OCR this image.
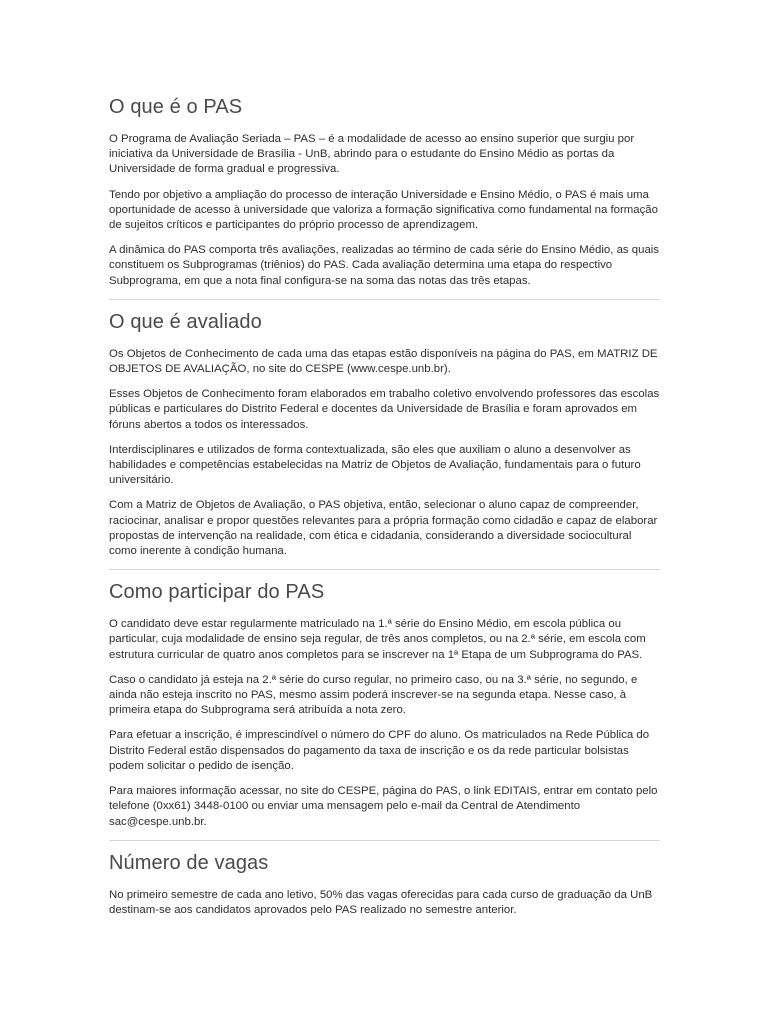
O que é o PAS

O Programa de Avaliação Seriada – PAS – é a modalidade de acesso ao ensino superior que surgiu por iniciativa da Universidade de Brasília - UnB, abrindo para o estudante do Ensino Médio as portas da Universidade de forma gradual e progressiva.

Tendo por objetivo a ampliação do processo de interação Universidade e Ensino Médio, o PAS é mais uma oportunidade de acesso à universidade que valoriza a formação significativa como fundamental na formação de sujeitos críticos e participantes do próprio processo de aprendizagem.

A dinâmica do PAS comporta três avaliações, realizadas ao término de cada série do Ensino Médio, as quais constituem os Subprogramas (triênios) do PAS. Cada avaliação determina uma etapa do respectivo Subprograma, em que a nota final configura-se na soma das notas das três etapas.

O que é avaliado

Os Objetos de Conhecimento de cada uma das etapas estão disponíveis na página do PAS, em MATRIZ DE OBJETOS DE AVALIAÇÃO, no site do CESPE (www.cespe.unb.br).

Esses Objetos de Conhecimento foram elaborados em trabalho coletivo envolvendo professores das escolas públicas e particulares do Distrito Federal e docentes da Universidade de Brasília e foram aprovados em fóruns abertos a todos os interessados.

Interdisciplinares e utilizados de forma contextualizada, são eles que auxiliam o aluno a desenvolver as habilidades e competências estabelecidas na Matriz de Objetos de Avaliação, fundamentais para o futuro universitário.

Com a Matriz de Objetos de Avaliação, o PAS objetiva, então, selecionar o aluno capaz de compreender, raciocinar, analisar e propor questões relevantes para a própria formação como cidadão e capaz de elaborar propostas de intervenção na realidade, com ética e cidadania, considerando a diversidade sociocultural como inerente à condição humana.

Como participar do PAS

O candidato deve estar regularmente matriculado na 1.ª série do Ensino Médio, em escola pública ou particular, cuja modalidade de ensino seja regular, de três anos completos, ou na 2.ª série, em escola com estrutura curricular de quatro anos completos para se inscrever na 1ª Etapa de um Subprograma do PAS.

Caso o candidato já esteja na 2.ª série do curso regular, no primeiro caso, ou na 3.ª série, no segundo, e ainda não esteja inscrito no PAS, mesmo assim poderá inscrever-se na segunda etapa. Nesse caso, à primeira etapa do Subprograma será atribuída a nota zero.

Para efetuar a inscrição, é imprescindível o número do CPF do aluno. Os matriculados na Rede Pública do Distrito Federal estão dispensados do pagamento da taxa de inscrição e os da rede particular bolsistas podem solicitar o pedido de isenção.

Para maiores informação acessar, no site do CESPE, página do PAS, o link EDITAIS, entrar em contato pelo telefone (0xx61) 3448-0100 ou enviar uma mensagem pelo e-mail da Central de Atendimento sac@cespe.unb.br.

Número de vagas

No primeiro semestre de cada ano letivo, 50% das vagas oferecidas para cada curso de graduação da UnB destinam-se aos candidatos aprovados pelo PAS realizado no semestre anterior.
